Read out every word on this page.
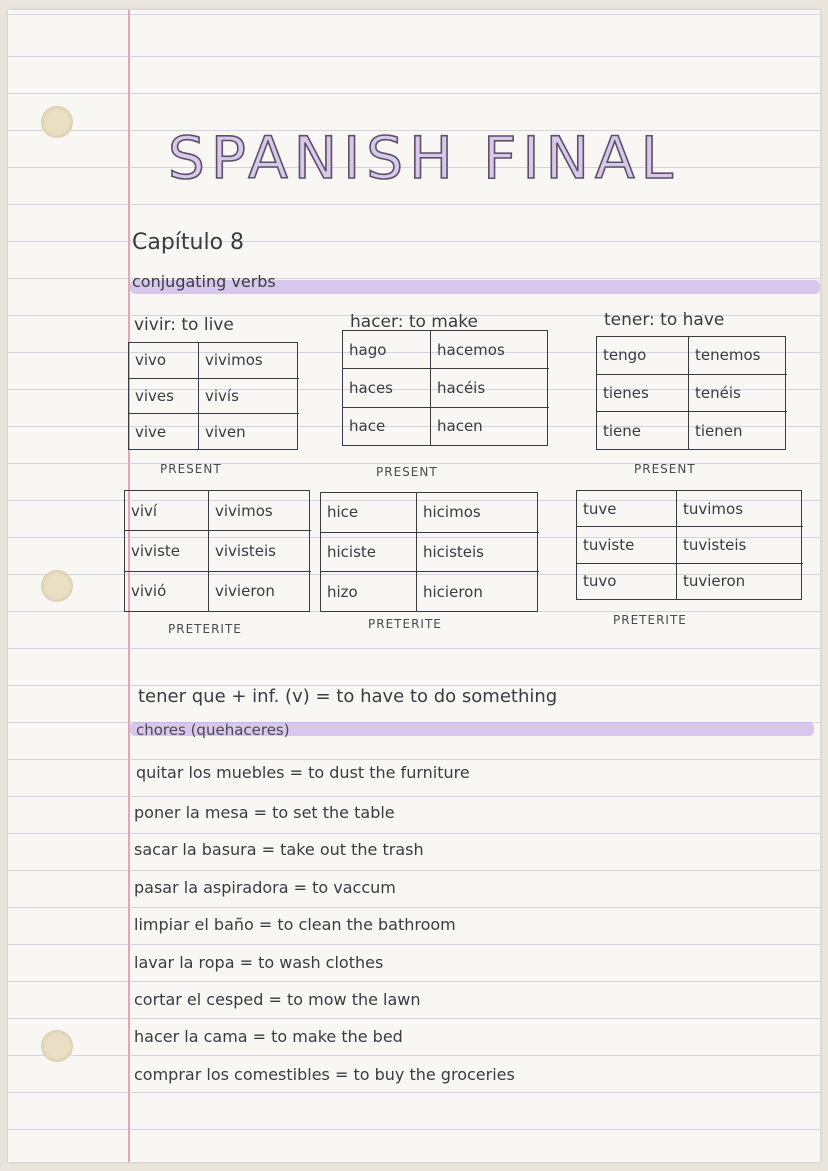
SPANISH FINAL
Capítulo 8
conjugating verbs
vivir: to live
vivo	vivimos
vives	vivís
vive	viven
PRESENT
viví	vivimos
viviste	vivisteis
vivió	vivieron
PRETERITE
hacer: to make
hago	hacemos
haces	hacéis
hace	hacen
PRESENT
hice	hicimos
hiciste	hicisteis
hizo	hicieron
PRETERITE
tener: to have
tengo	tenemos
tienes	tenéis
tiene	tienen
PRESENT
tuve	tuvimos
tuviste	tuvisteis
tuvo	tuvieron
PRETERITE
tener que + inf. (v) = to have to do something
chores (quehaceres)
quitar los muebles = to dust the furniture
poner la mesa = to set the table
sacar la basura = take out the trash
pasar la aspiradora = to vaccum
limpiar el baño = to clean the bathroom
lavar la ropa = to wash clothes
cortar el cesped = to mow the lawn
hacer la cama = to make the bed
comprar los comestibles = to buy the groceries
